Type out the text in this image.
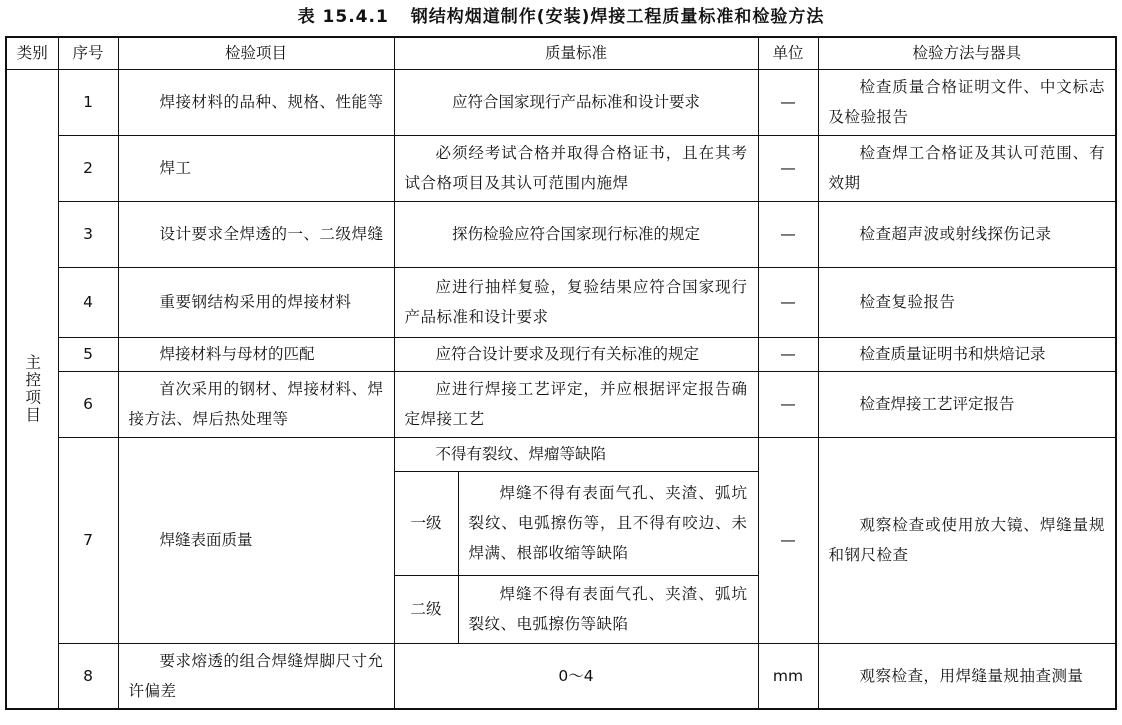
表 15.4.1 钢结构烟道制作(安装)焊接工程质量标准和检验方法
类别	序号	检验项目	质量标准		单位	检验方法与器具

主控项目	1	焊接材料的品种、规格、性能等	应符合国家现行产品标准和设计要求		—	检查质量合格证明文件、中文标志及检验报告
	2	焊工	必须经考试合格并取得合格证书，且在其考试合格项目及其认可范围内施焊		—	检查焊工合格证及其认可范围、有效期
	3	设计要求全焊透的一、二级焊缝	探伤检验应符合国家现行标准的规定		—	检查超声波或射线探伤记录
	4	重要钢结构采用的焊接材料	应进行抽样复验，复验结果应符合国家现行产品标准和设计要求		—	检查复验报告
	5	焊接材料与母材的匹配	应符合设计要求及现行有关标准的规定		—	检查质量证明书和烘焙记录
	6	首次采用的钢材、焊接材料、焊接方法、焊后热处理等	应进行焊接工艺评定，并应根据评定报告确定焊接工艺		—	检查焊接工艺评定报告
	7	焊缝表面质量	不得有裂纹、焊瘤等缺陷		—	观察检查或使用放大镜、焊缝量规和钢尺检查
			一级	焊缝不得有表面气孔、夹渣、弧坑裂纹、电弧擦伤等，且不得有咬边、未焊满、根部收缩等缺陷		
			二级	焊缝不得有表面气孔、夹渣、弧坑裂纹、电弧擦伤等缺陷		
	8	要求熔透的组合焊缝焊脚尺寸允许偏差	0～4		mm	观察检查，用焊缝量规抽查测量
